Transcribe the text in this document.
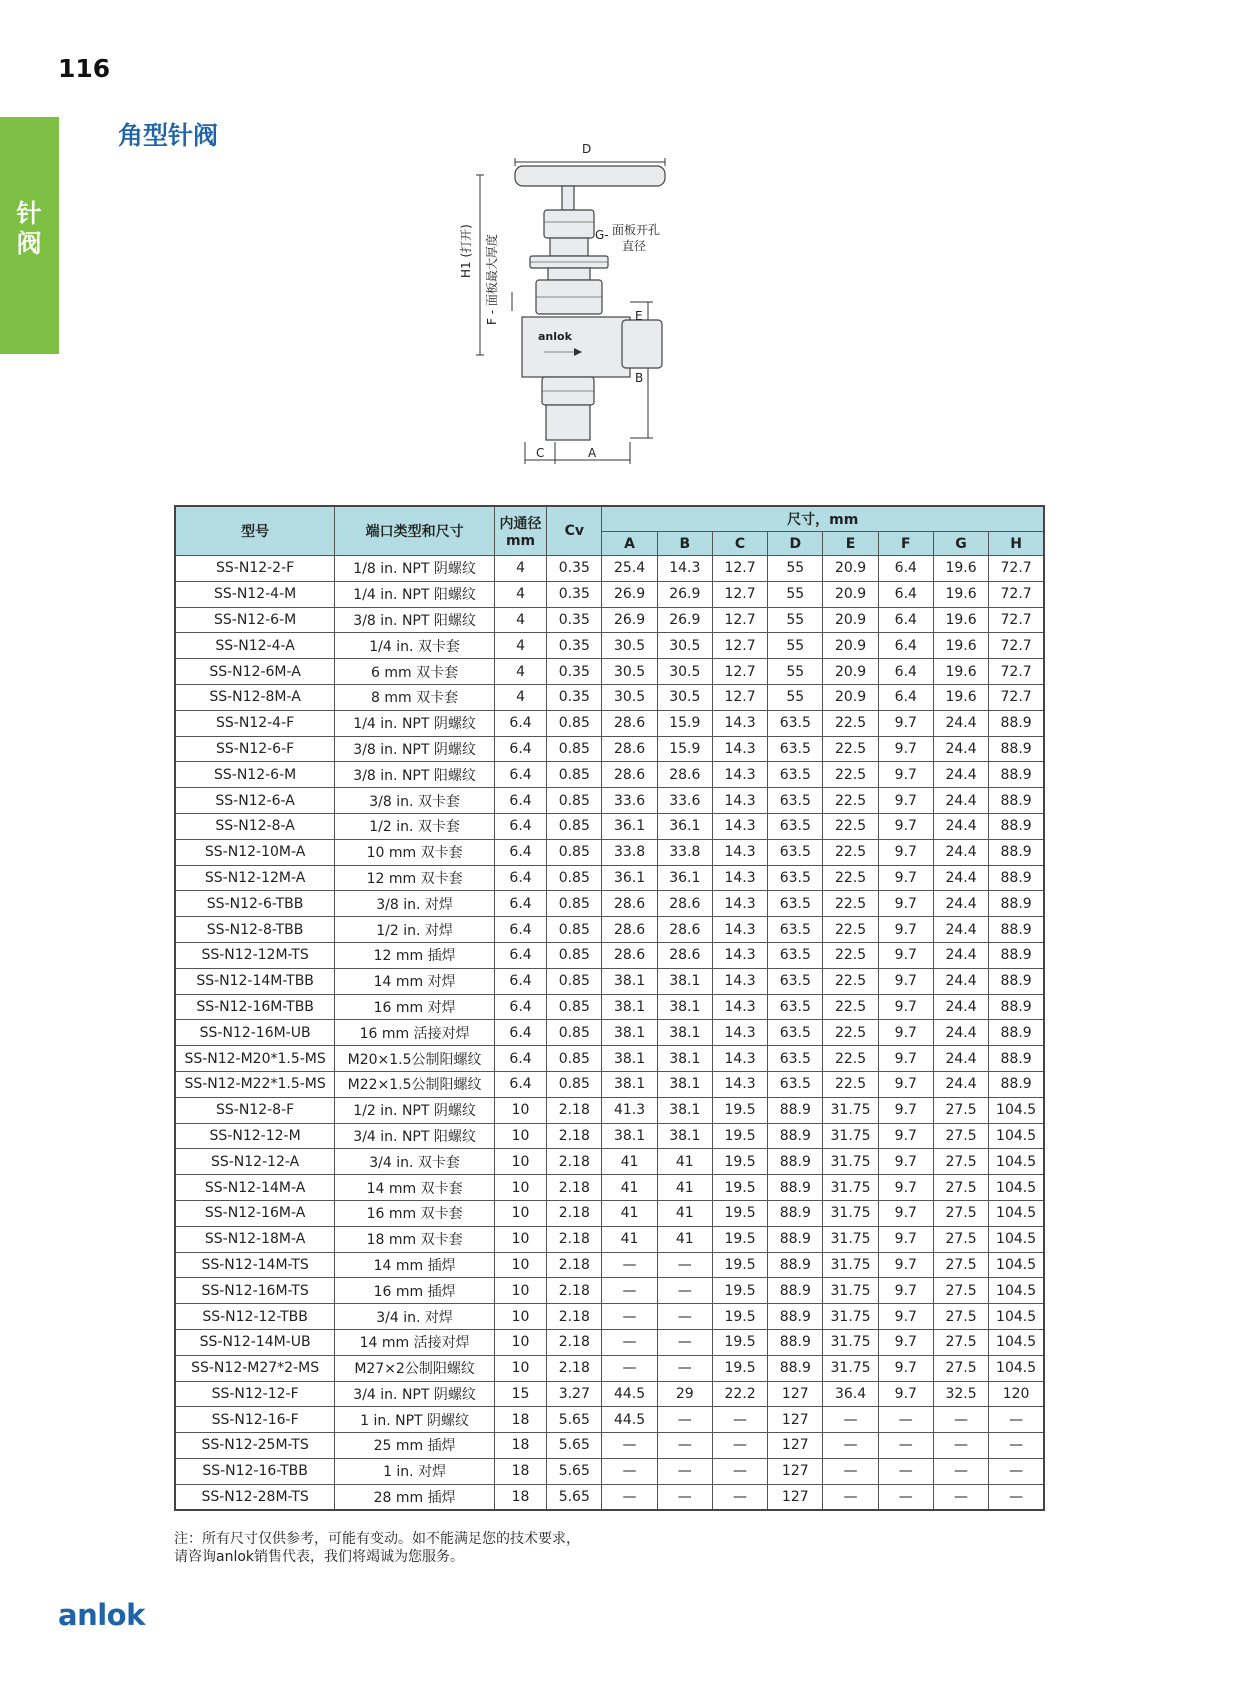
116
针阀
角型针阀	D
H1 (打开) F - 面板最大厚度	G- 面板开孔
直径
E
B
C	A
anlok
型号	端口类型和尺寸	内通径
mm	Cv	尺寸，mm							
				A	B	C	D	E	F	G	H
SS-N12-2-F	1/8 in. NPT 阴螺纹	4	0.35	25.4	14.3	12.7	55	20.9	6.4	19.6	72.7
SS-N12-4-M	1/4 in. NPT 阳螺纹	4	0.35	26.9	26.9	12.7	55	20.9	6.4	19.6	72.7
SS-N12-6-M	3/8 in. NPT 阳螺纹	4	0.35	26.9	26.9	12.7	55	20.9	6.4	19.6	72.7
SS-N12-4-A	1/4 in. 双卡套	4	0.35	30.5	30.5	12.7	55	20.9	6.4	19.6	72.7
SS-N12-6M-A	6 mm 双卡套	4	0.35	30.5	30.5	12.7	55	20.9	6.4	19.6	72.7
SS-N12-8M-A	8 mm 双卡套	4	0.35	30.5	30.5	12.7	55	20.9	6.4	19.6	72.7
SS-N12-4-F	1/4 in. NPT 阴螺纹	6.4	0.85	28.6	15.9	14.3	63.5	22.5	9.7	24.4	88.9
SS-N12-6-F	3/8 in. NPT 阴螺纹	6.4	0.85	28.6	15.9	14.3	63.5	22.5	9.7	24.4	88.9
SS-N12-6-M	3/8 in. NPT 阳螺纹	6.4	0.85	28.6	28.6	14.3	63.5	22.5	9.7	24.4	88.9
SS-N12-6-A	3/8 in. 双卡套	6.4	0.85	33.6	33.6	14.3	63.5	22.5	9.7	24.4	88.9
SS-N12-8-A	1/2 in. 双卡套	6.4	0.85	36.1	36.1	14.3	63.5	22.5	9.7	24.4	88.9
SS-N12-10M-A	10 mm 双卡套	6.4	0.85	33.8	33.8	14.3	63.5	22.5	9.7	24.4	88.9
SS-N12-12M-A	12 mm 双卡套	6.4	0.85	36.1	36.1	14.3	63.5	22.5	9.7	24.4	88.9
SS-N12-6-TBB	3/8 in. 对焊	6.4	0.85	28.6	28.6	14.3	63.5	22.5	9.7	24.4	88.9
SS-N12-8-TBB	1/2 in. 对焊	6.4	0.85	28.6	28.6	14.3	63.5	22.5	9.7	24.4	88.9
SS-N12-12M-TS	12 mm 插焊	6.4	0.85	28.6	28.6	14.3	63.5	22.5	9.7	24.4	88.9
SS-N12-14M-TBB	14 mm 对焊	6.4	0.85	38.1	38.1	14.3	63.5	22.5	9.7	24.4	88.9
SS-N12-16M-TBB	16 mm 对焊	6.4	0.85	38.1	38.1	14.3	63.5	22.5	9.7	24.4	88.9
SS-N12-16M-UB	16 mm 活接对焊	6.4	0.85	38.1	38.1	14.3	63.5	22.5	9.7	24.4	88.9
SS-N12-M20*1.5-MS	M20×1.5公制阳螺纹	6.4	0.85	38.1	38.1	14.3	63.5	22.5	9.7	24.4	88.9
SS-N12-M22*1.5-MS	M22×1.5公制阳螺纹	6.4	0.85	38.1	38.1	14.3	63.5	22.5	9.7	24.4	88.9
SS-N12-8-F	1/2 in. NPT 阴螺纹	10	2.18	41.3	38.1	19.5	88.9	31.75	9.7	27.5	104.5
SS-N12-12-M	3/4 in. NPT 阳螺纹	10	2.18	38.1	38.1	19.5	88.9	31.75	9.7	27.5	104.5
SS-N12-12-A	3/4 in. 双卡套	10	2.18	41	41	19.5	88.9	31.75	9.7	27.5	104.5
SS-N12-14M-A	14 mm 双卡套	10	2.18	41	41	19.5	88.9	31.75	9.7	27.5	104.5
SS-N12-16M-A	16 mm 双卡套	10	2.18	41	41	19.5	88.9	31.75	9.7	27.5	104.5
SS-N12-18M-A	18 mm 双卡套	10	2.18	41	41	19.5	88.9	31.75	9.7	27.5	104.5
SS-N12-14M-TS	14 mm 插焊	10	2.18	—	—	19.5	88.9	31.75	9.7	27.5	104.5
SS-N12-16M-TS	16 mm 插焊	10	2.18	—	—	19.5	88.9	31.75	9.7	27.5	104.5
SS-N12-12-TBB	3/4 in. 对焊	10	2.18	—	—	19.5	88.9	31.75	9.7	27.5	104.5
SS-N12-14M-UB	14 mm 活接对焊	10	2.18	—	—	19.5	88.9	31.75	9.7	27.5	104.5
SS-N12-M27*2-MS	M27×2公制阳螺纹	10	2.18	—	—	19.5	88.9	31.75	9.7	27.5	104.5
SS-N12-12-F	3/4 in. NPT 阴螺纹	15	3.27	44.5	29	22.2	127	36.4	9.7	32.5	120
SS-N12-16-F	1 in. NPT 阴螺纹	18	5.65	44.5	—	—	127	—	—	—	—
SS-N12-25M-TS	25 mm 插焊	18	5.65	—	—	—	127	—	—	—	—
SS-N12-16-TBB	1 in. 对焊	18	5.65	—	—	—	127	—	—	—	—
SS-N12-28M-TS	28 mm 插焊	18	5.65	—	—	—	127	—	—	—	—
注：所有尺寸仅供参考，可能有变动。如不能满足您的技术要求，
请咨询anlok销售代表，我们将竭诚为您服务。
anlok
